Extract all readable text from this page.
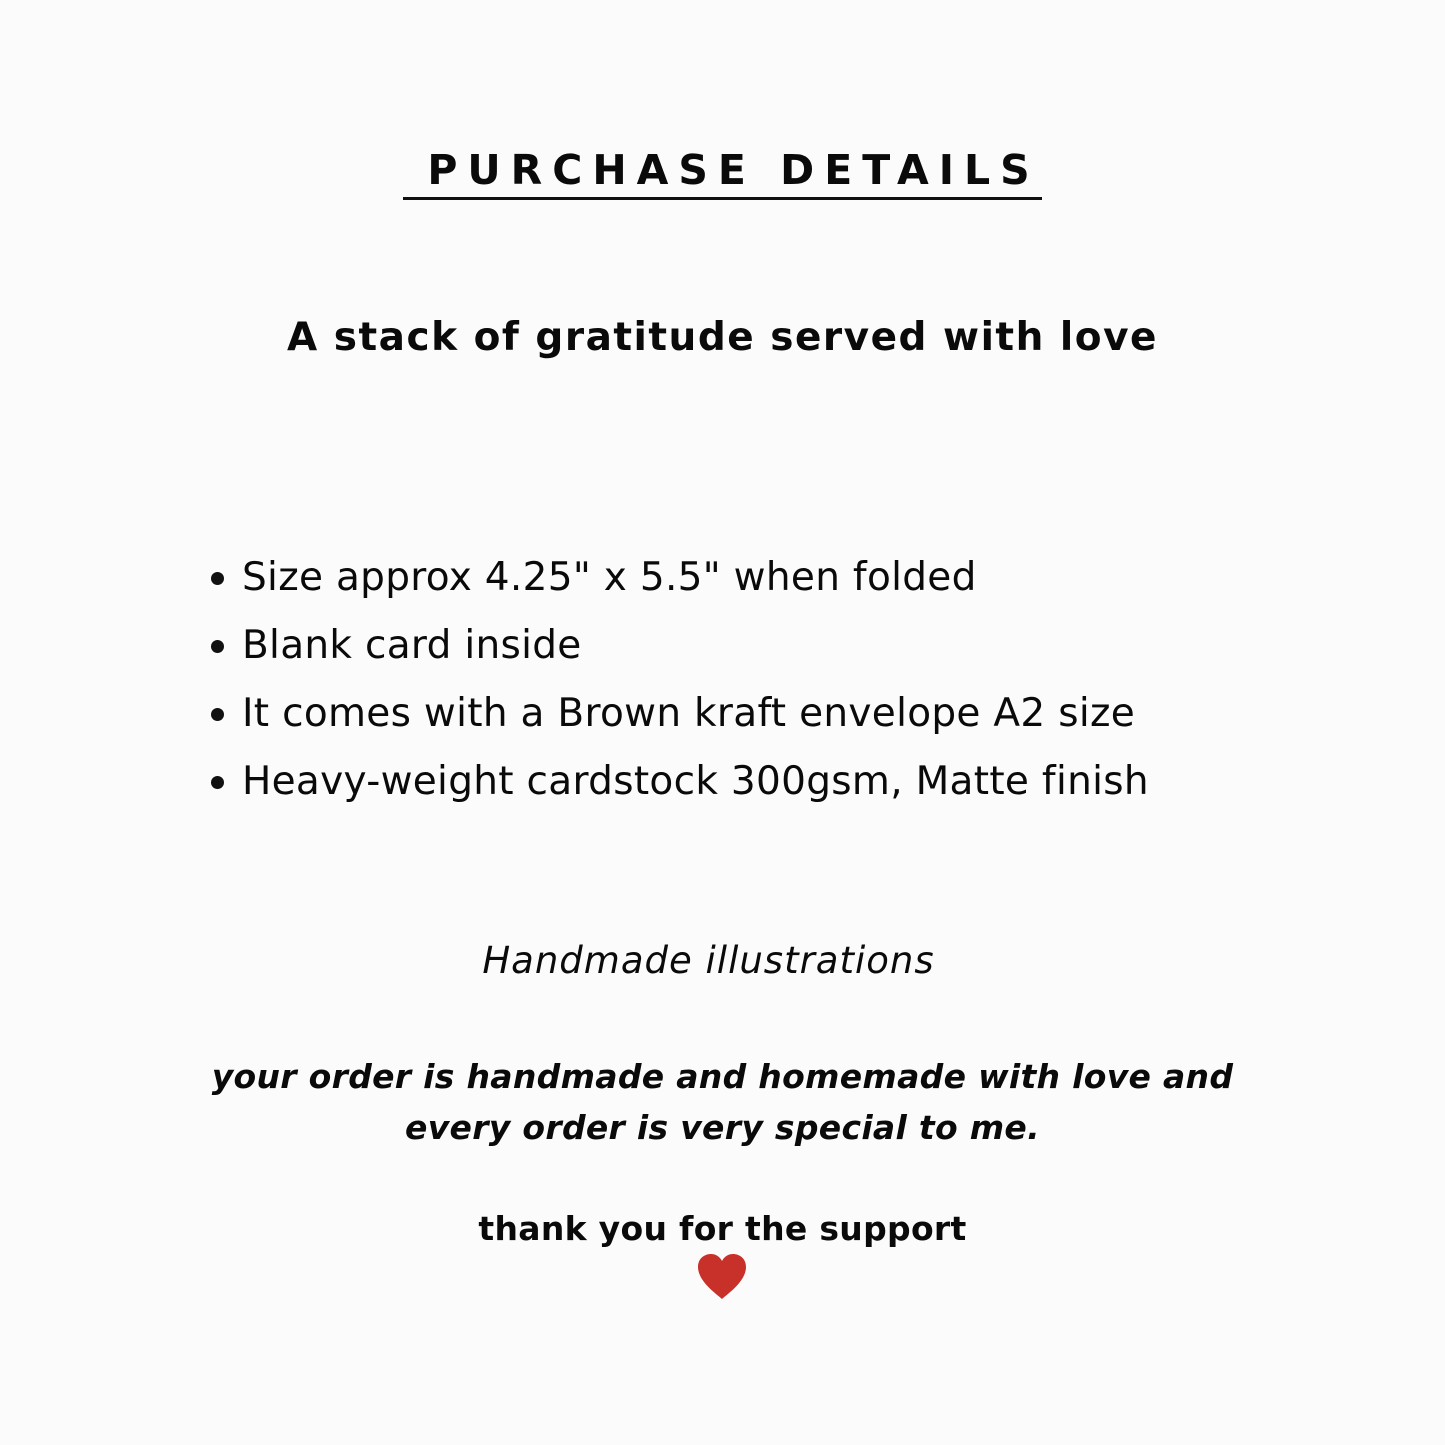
PURCHASE DETAILS
A stack of gratitude served with love
Size approx 4.25" x 5.5" when folded
Blank card inside
It comes with a Brown kraft envelope A2 size
Heavy-weight cardstock 300gsm, Matte finish
Handmade illustrations
your order is handmade and homemade with love and
every order is very special to me.
thank you for the support
